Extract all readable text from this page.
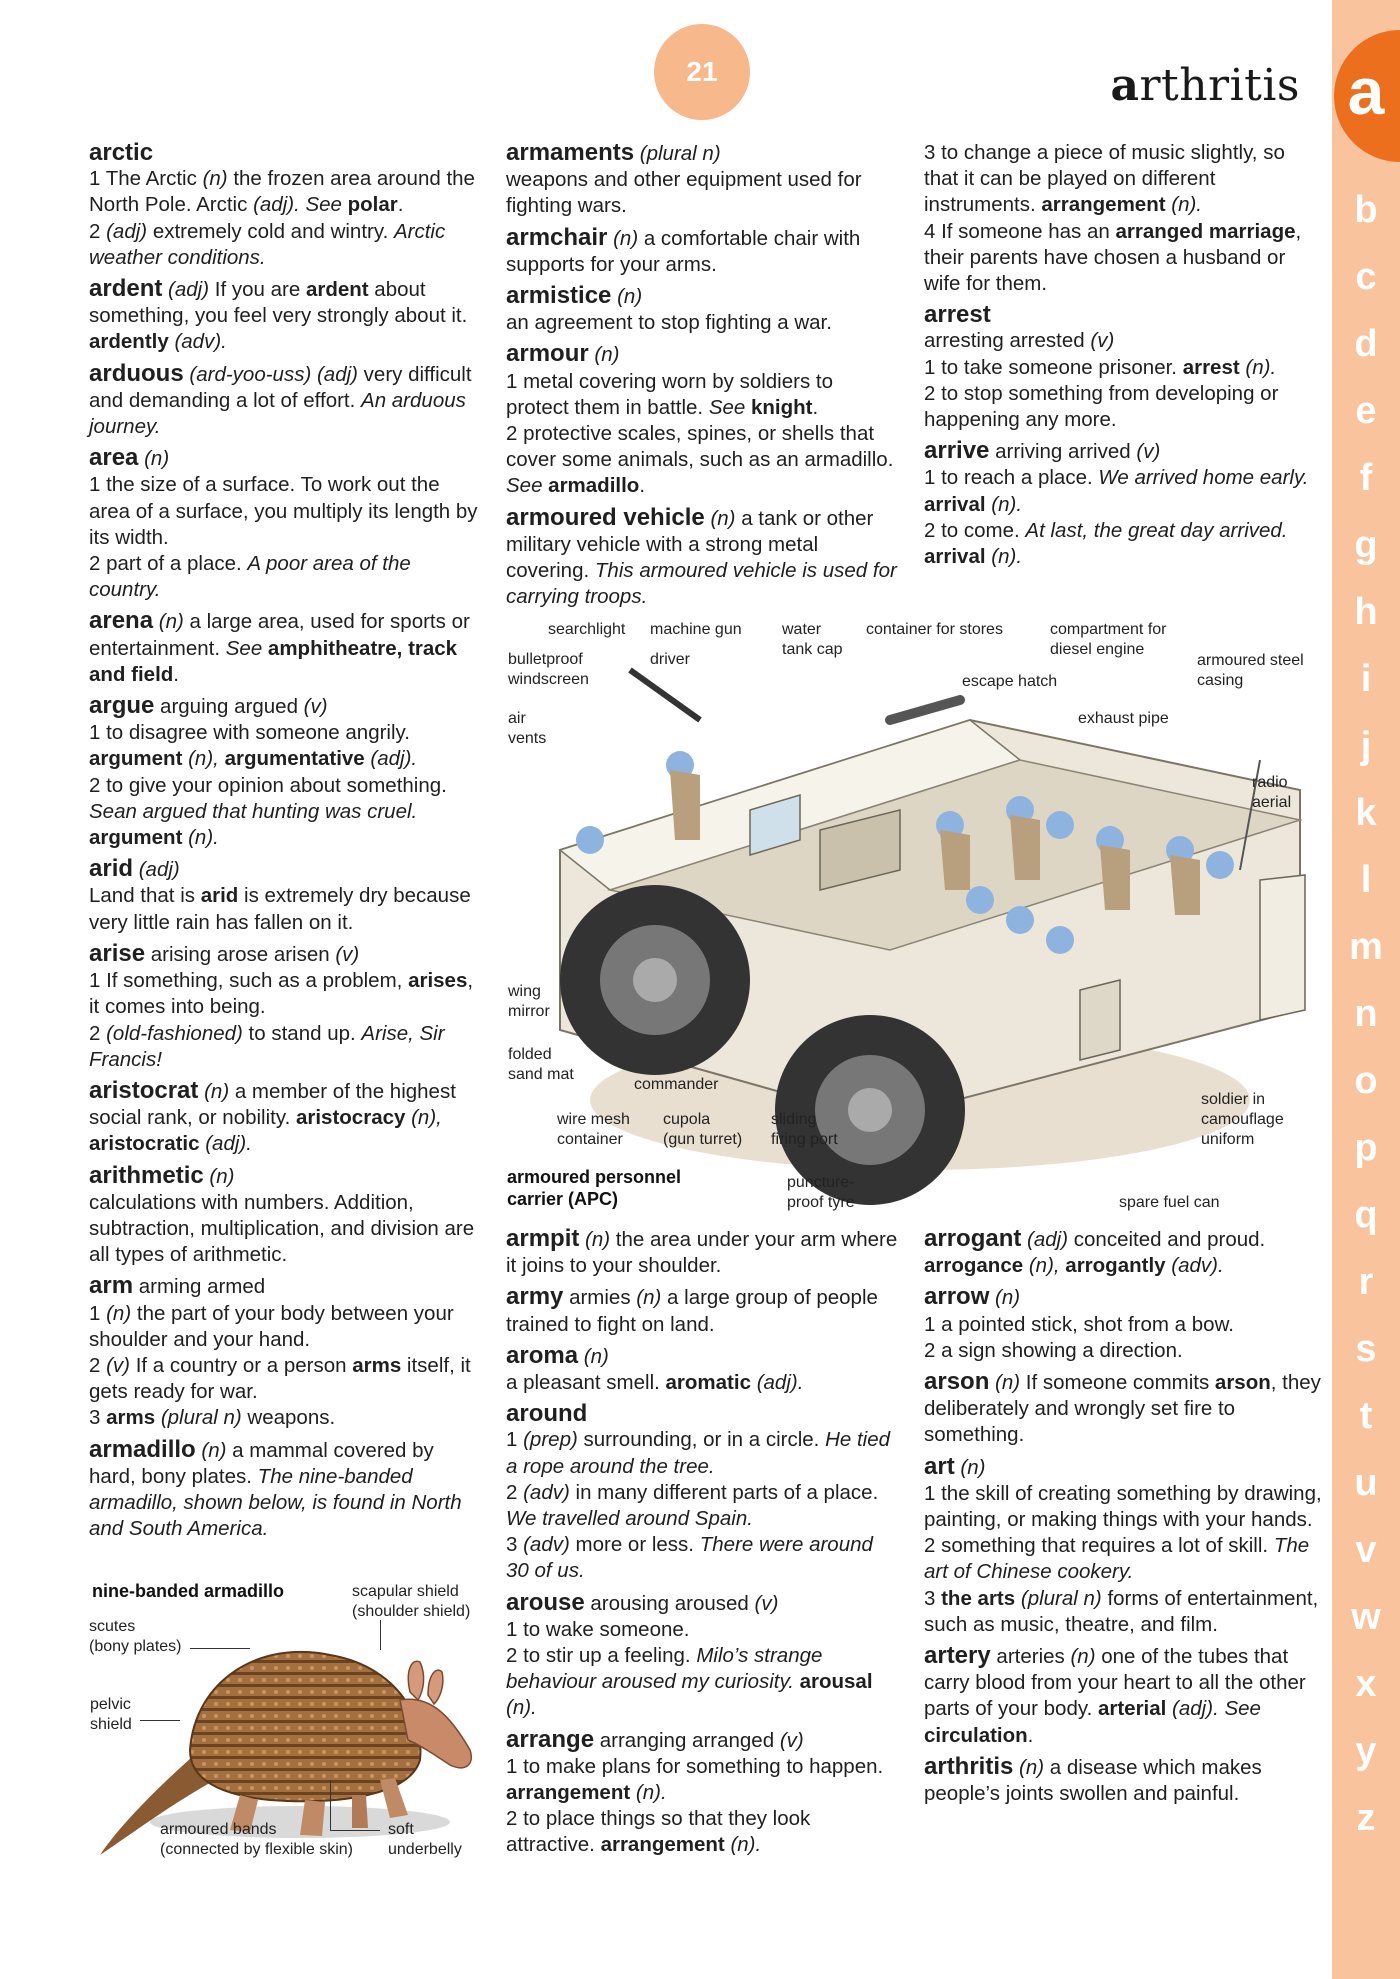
21	arthritis a
b
c
d
e
f
g
h
i
j
k
l
m
n
o
p
q
r
s
t
u
v
w
x
y
z
arctic
1 The Arctic (n) the frozen area around the North Pole. Arctic (adj). See polar.
2 (adj) extremely cold and wintry. Arctic weather conditions.
ardent (adj) If you are ardent about something, you feel very strongly about it. ardently (adv).
arduous (ard-yoo-uss) (adj) very difficult and demanding a lot of effort. An arduous journey.
area (n)
1 the size of a surface. To work out the area of a surface, you multiply its length by its width.
2 part of a place. A poor area of the country.
arena (n) a large area, used for sports or entertainment. See amphitheatre, track and field.
argue arguing argued (v)
1 to disagree with someone angrily. argument (n), argumentative (adj).
2 to give your opinion about something. Sean argued that hunting was cruel. argument (n).
arid (adj)
Land that is arid is extremely dry because very little rain has fallen on it.
arise arising arose arisen (v)
1 If something, such as a problem, arises, it comes into being.
2 (old-fashioned) to stand up. Arise, Sir Francis!
aristocrat (n) a member of the highest social rank, or nobility. aristocracy (n), aristocratic (adj).
arithmetic (n)
calculations with numbers. Addition, subtraction, multiplication, and division are all types of arithmetic.
arm arming armed
1 (n) the part of your body between your shoulder and your hand.
2 (v) If a country or a person arms itself, it gets ready for war.
3 arms (plural n) weapons.
armadillo (n) a mammal covered by hard, bony plates. The nine-banded armadillo, shown below, is found in North and South America.
nine-banded armadillo
scutes
(bony plates)
scapular shield
(shoulder shield)
pelvic
shield
armoured bands
(connected by flexible skin)
soft
underbelly
armaments (plural n)
weapons and other equipment used for fighting wars.
armchair (n) a comfortable chair with supports for your arms.
armistice (n)
an agreement to stop fighting a war.
armour (n)
1 metal covering worn by soldiers to protect them in battle. See knight.
2 protective scales, spines, or shells that cover some animals, such as an armadillo. See armadillo.
armoured vehicle (n) a tank or other military vehicle with a strong metal covering. This armoured vehicle is used for carrying troops.
3 to change a piece of music slightly, so that it can be played on different instruments. arrangement (n).
4 If someone has an arranged marriage, their parents have chosen a husband or wife for them.
arrest
arresting arrested (v)
1 to take someone prisoner. arrest (n).
2 to stop something from developing or happening any more.
arrive arriving arrived (v)
1 to reach a place. We arrived home early. arrival (n).
2 to come. At last, the great day arrived. arrival (n).
searchlight machine gun	water
tank cap
container for stores	compartment for
diesel engine
bulletproof
windscreen
driver
escape hatch
armoured steel
casing
exhaust pipe
air
vents
radio
aerial
wing
mirror
folded
sand mat
commander
wire mesh
container
cupola
(gun turret)
sliding
firing port
soldier in
camouflage
uniform
puncture-
proof tyre	spare fuel can
armoured personnel
carrier (APC)
armpit (n) the area under your arm where it joins to your shoulder.
army armies (n) a large group of people trained to fight on land.
aroma (n)
a pleasant smell. aromatic (adj).
around
1 (prep) surrounding, or in a circle. He tied a rope around the tree.
2 (adv) in many different parts of a place. We travelled around Spain.
3 (adv) more or less. There were around 30 of us.
arouse arousing aroused (v)
1 to wake someone.
2 to stir up a feeling. Milo’s strange behaviour aroused my curiosity. arousal (n).
arrange arranging arranged (v)
1 to make plans for something to happen. arrangement (n).
2 to place things so that they look attractive. arrangement (n).
arrogant (adj) conceited and proud. arrogance (n), arrogantly (adv).
arrow (n)
1 a pointed stick, shot from a bow.
2 a sign showing a direction.
arson (n) If someone commits arson, they deliberately and wrongly set fire to something.
art (n)
1 the skill of creating something by drawing, painting, or making things with your hands.
2 something that requires a lot of skill. The art of Chinese cookery.
3 the arts (plural n) forms of entertainment, such as music, theatre, and film.
artery arteries (n) one of the tubes that carry blood from your heart to all the other parts of your body. arterial (adj). See circulation.
arthritis (n) a disease which makes people’s joints swollen and painful.
